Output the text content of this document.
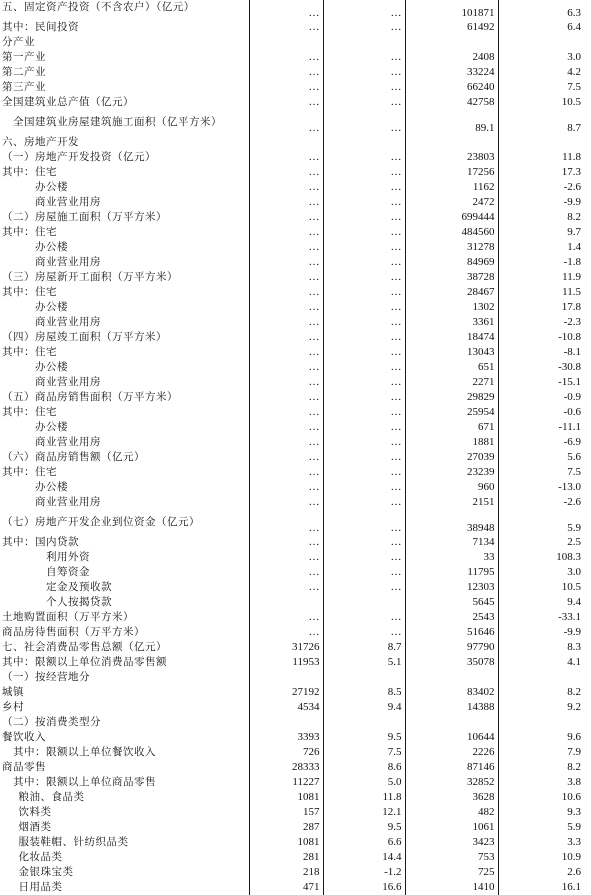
五、固定资产投资（不含农户）（亿元）	…	…	101871	6.3
其中：民间投资	…	…	61492	6.4
分产业				
第一产业	…	…	2408	3.0
第二产业	…	…	33224	4.2
第三产业	…	…	66240	7.5
全国建筑业总产值（亿元）	…	…	42758	10.5
全国建筑业房屋建筑施工面积（亿平方米）	…	…	89.1	8.7
六、房地产开发				
（一）房地产开发投资（亿元）	…	…	23803	11.8
其中：住宅	…	…	17256	17.3
办公楼	…	…	1162	-2.6
商业营业用房	…	…	2472	-9.9
（二）房屋施工面积（万平方米）	…	…	699444	8.2
其中：住宅	…	…	484560	9.7
办公楼	…	…	31278	1.4
商业营业用房	…	…	84969	-1.8
（三）房屋新开工面积（万平方米）	…	…	38728	11.9
其中：住宅	…	…	28467	11.5
办公楼	…	…	1302	17.8
商业营业用房	…	…	3361	-2.3
（四）房屋竣工面积（万平方米）	…	…	18474	-10.8
其中：住宅	…	…	13043	-8.1
办公楼	…	…	651	-30.8
商业营业用房	…	…	2271	-15.1
（五）商品房销售面积（万平方米）	…	…	29829	-0.9
其中：住宅	…	…	25954	-0.6
办公楼	…	…	671	-11.1
商业营业用房	…	…	1881	-6.9
（六）商品房销售额（亿元）	…	…	27039	5.6
其中：住宅	…	…	23239	7.5
办公楼	…	…	960	-13.0
商业营业用房	…	…	2151	-2.6
（七）房地产开发企业到位资金（亿元）	…	…	38948	5.9
其中：国内贷款	…	…	7134	2.5
利用外资	…	…	33	108.3
自筹资金	…	…	11795	3.0
定金及预收款	…	…	12303	10.5
个人按揭贷款			5645	9.4
土地购置面积（万平方米）	…	…	2543	-33.1
商品房待售面积（万平方米）	…	…	51646	-9.9
七、社会消费品零售总额（亿元）	31726	8.7	97790	8.3
其中：限额以上单位消费品零售额	11953	5.1	35078	4.1
（一）按经营地分				
城镇	27192	8.5	83402	8.2
乡村	4534	9.4	14388	9.2
（二）按消费类型分				
餐饮收入	3393	9.5	10644	9.6
其中：限额以上单位餐饮收入	726	7.5	2226	7.9
商品零售	28333	8.6	87146	8.2
其中：限额以上单位商品零售	11227	5.0	32852	3.8
粮油、食品类	1081	11.8	3628	10.6
饮料类	157	12.1	482	9.3
烟酒类	287	9.5	1061	5.9
服装鞋帽、针纺织品类	1081	6.6	3423	3.3
化妆品类	281	14.4	753	10.9
金银珠宝类	218	-1.2	725	2.6
日用品类	471	16.6	1410	16.1
